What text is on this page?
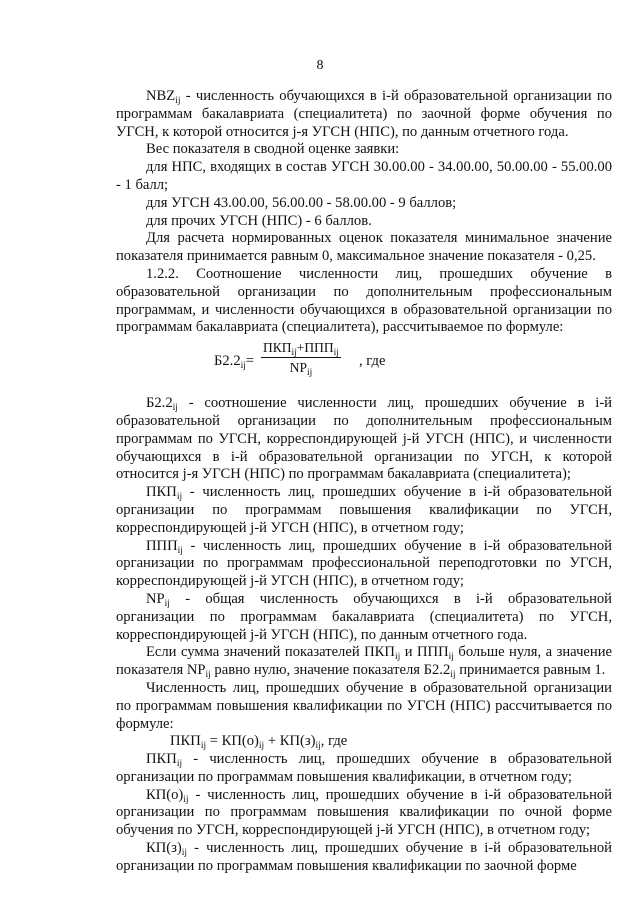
8

$NBZ_{ij}$ - численность обучающихся в i-й образовательной организации по программам бакалавриата (специалитета) по заочной форме обучения по УГСН, к которой относится j-я УГСН (НПС), по данным отчетного года.

Вес показателя в сводной оценке заявки:

для НПС, входящих в состав УГСН 30.00.00 - 34.00.00, 50.00.00 - 55.00.00 - 1 балл;

для УГСН 43.00.00, 56.00.00 - 58.00.00 - 9 баллов;

для прочих УГСН (НПС) - 6 баллов.

Для расчета нормированных оценок показателя минимальное значение показателя принимается равным 0, максимальное значение показателя - 0,25.

1.2.2. Соотношение численности лиц, прошедших обучение в образовательной организации по дополнительным профессиональным программам, и численности обучающихся в образовательной организации по программам бакалавриата (специалитета), рассчитываемое по формуле:

$Б2.2_{ij}=$
$ПКП_{ij}+ППП_{ij}$
$NP_{ij}$
, где

$Б2.2_{ij}$ - соотношение численности лиц, прошедших обучение в i-й образовательной организации по дополнительным профессиональным программам по УГСН, корреспондирующей j-й УГСН (НПС), и численности обучающихся в i-й образовательной организации по УГСН, к которой относится j-я УГСН (НПС) по программам бакалавриата (специалитета);

$ПКП_{ij}$ - численность лиц, прошедших обучение в i-й образовательной организации по программам повышения квалификации по УГСН, корреспондирующей j-й УГСН (НПС), в отчетном году;

$ППП_{ij}$ - численность лиц, прошедших обучение в i-й образовательной организации по программам профессиональной переподготовки по УГСН, корреспондирующей j-й УГСН (НПС), в отчетном году;

$NP_{ij}$ - общая численность обучающихся в i-й образовательной организации по программам бакалавриата (специалитета) по УГСН, корреспондирующей j-й УГСН (НПС), по данным отчетного года.

Если сумма значений показателей $ПКП_{ij}$ и $ППП_{ij}$ больше нуля, а значение показателя $NP_{ij}$ равно нулю, значение показателя $Б2.2_{ij}$ принимается равным 1.

Численность лиц, прошедших обучение в образовательной организации по программам повышения квалификации по УГСН (НПС) рассчитывается по формуле:

$ПКП_{ij} = КП(о)_{ij} + КП(з)_{ij}$, где

$ПКП_{ij}$ - численность лиц, прошедших обучение в образовательной организации по программам повышения квалификации, в отчетном году;

$КП(о)_{ij}$ - численность лиц, прошедших обучение в i-й образовательной организации по программам повышения квалификации по очной форме обучения по УГСН, корреспондирующей j-й УГСН (НПС), в отчетном году;

$КП(з)_{ij}$ - численность лиц, прошедших обучение в i-й образовательной организации по программам повышения квалификации по заочной форме
